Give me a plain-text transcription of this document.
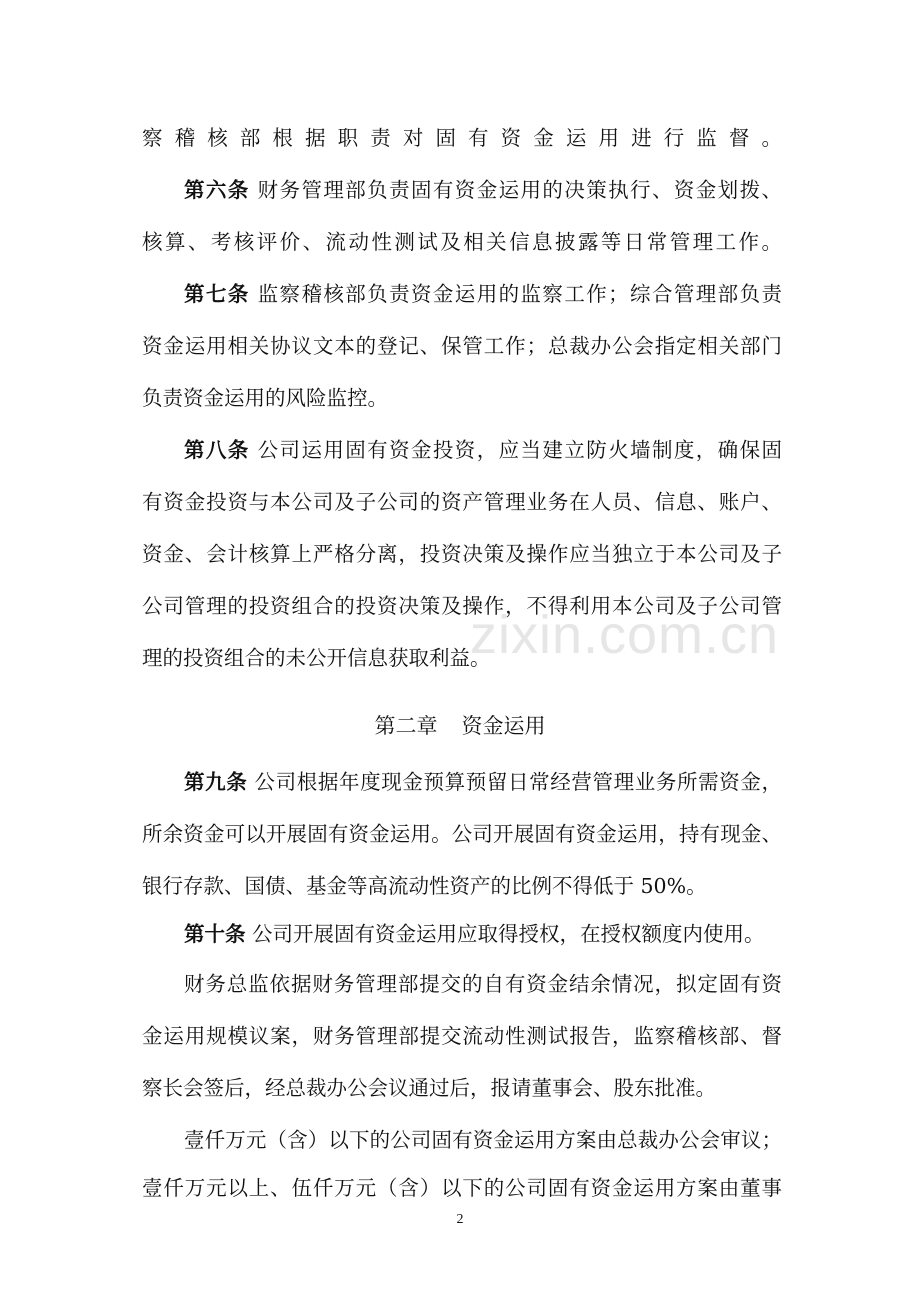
zixin.com.cn
察稽核部根据职责对固有资金运用进行监督。
第六条 财务管理部负责固有资金运用的决策执行、资金划拨、
核算、考核评价、流动性测试及相关信息披露等日常管理工作。
第七条 监察稽核部负责资金运用的监察工作；综合管理部负责
资金运用相关协议文本的登记、保管工作；总裁办公会指定相关部门
负责资金运用的风险监控。
第八条 公司运用固有资金投资，应当建立防火墙制度，确保固
有资金投资与本公司及子公司的资产管理业务在人员、信息、账户、
资金、会计核算上严格分离，投资决策及操作应当独立于本公司及子
公司管理的投资组合的投资决策及操作，不得利用本公司及子公司管
理的投资组合的未公开信息获取利益。
第二章 资金运用
第九条 公司根据年度现金预算预留日常经营管理业务所需资金，
所余资金可以开展固有资金运用。公司开展固有资金运用，持有现金、
银行存款、国债、基金等高流动性资产的比例不得低于 50%。
第十条 公司开展固有资金运用应取得授权，在授权额度内使用。
财务总监依据财务管理部提交的自有资金结余情况，拟定固有资
金运用规模议案，财务管理部提交流动性测试报告，监察稽核部、督
察长会签后，经总裁办公会议通过后，报请董事会、股东批准。
壹仟万元（含）以下的公司固有资金运用方案由总裁办公会审议；
壹仟万元以上、伍仟万元（含）以下的公司固有资金运用方案由董事
2
